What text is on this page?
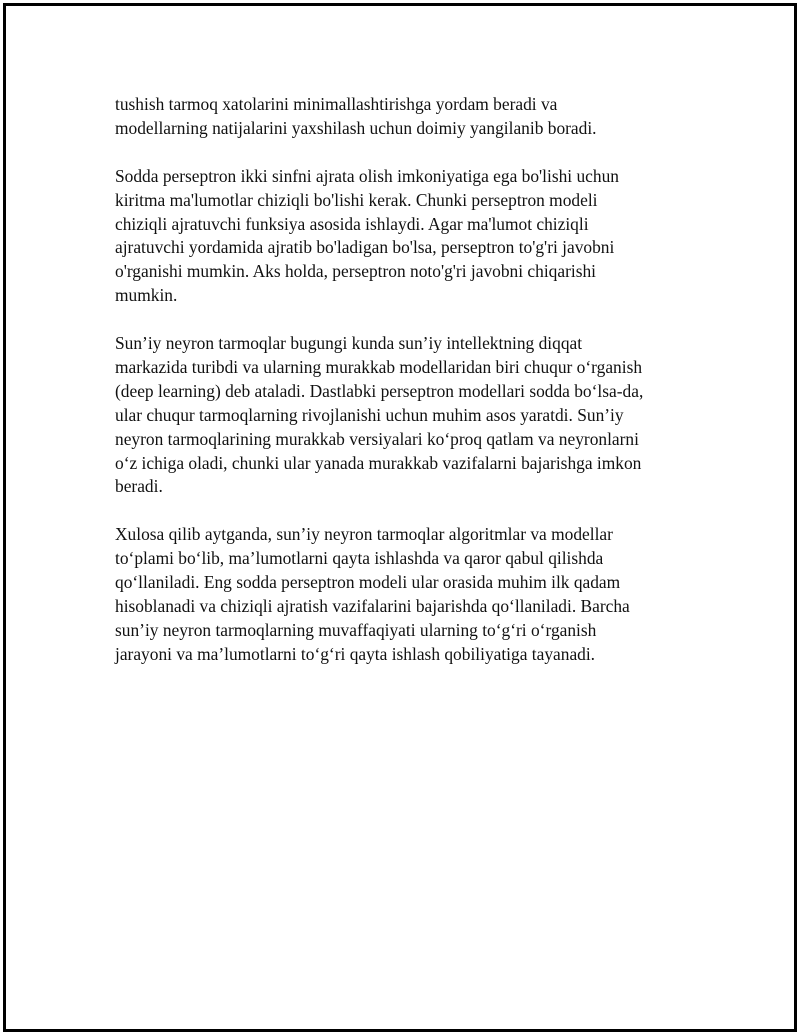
tushish tarmoq xatolarini minimallashtirishga yordam beradi va
modellarning natijalarini yaxshilash uchun doimiy yangilanib boradi.

Sodda perseptron ikki sinfni ajrata olish imkoniyatiga ega bo'lishi uchun
kiritma ma'lumotlar chiziqli bo'lishi kerak. Chunki perseptron modeli
chiziqli ajratuvchi funksiya asosida ishlaydi. Agar ma'lumot chiziqli
ajratuvchi yordamida ajratib bo'ladigan bo'lsa, perseptron to'g'ri javobni
o'rganishi mumkin. Aks holda, perseptron noto'g'ri javobni chiqarishi
mumkin.

Sun’iy neyron tarmoqlar bugungi kunda sun’iy intellektning diqqat
markazida turibdi va ularning murakkab modellaridan biri chuqur o‘rganish
(deep learning) deb ataladi. Dastlabki perseptron modellari sodda bo‘lsa-da,
ular chuqur tarmoqlarning rivojlanishi uchun muhim asos yaratdi. Sun’iy
neyron tarmoqlarining murakkab versiyalari ko‘proq qatlam va neyronlarni
o‘z ichiga oladi, chunki ular yanada murakkab vazifalarni bajarishga imkon
beradi.

Xulosa qilib aytganda, sun’iy neyron tarmoqlar algoritmlar va modellar
to‘plami bo‘lib, ma’lumotlarni qayta ishlashda va qaror qabul qilishda
qo‘llaniladi. Eng sodda perseptron modeli ular orasida muhim ilk qadam
hisoblanadi va chiziqli ajratish vazifalarini bajarishda qo‘llaniladi. Barcha
sun’iy neyron tarmoqlarning muvaffaqiyati ularning to‘g‘ri o‘rganish
jarayoni va ma’lumotlarni to‘g‘ri qayta ishlash qobiliyatiga tayanadi.
